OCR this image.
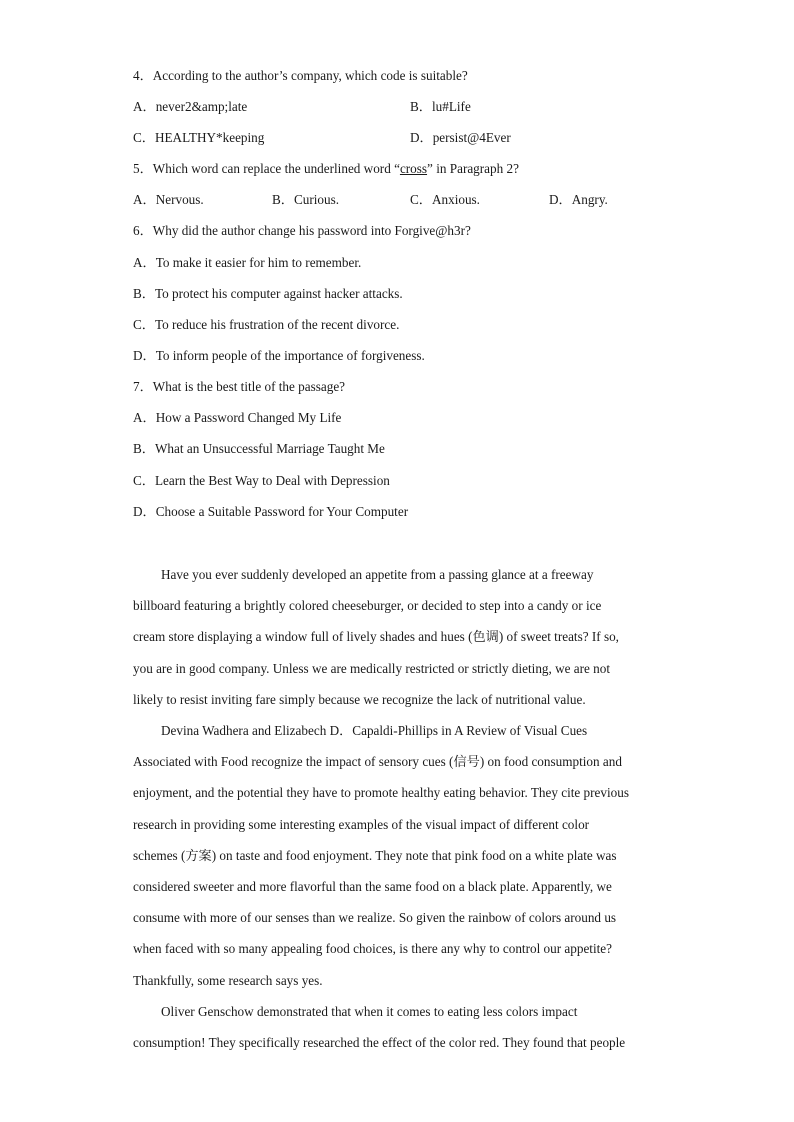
4．According to the author’s company, which code is suitable?
A．never2&amp;late	B．lu#Life
C．HEALTHY*keeping	D．persist@4Ever
5．Which word can replace the underlined word “cross” in Paragraph 2?
A．Nervous.	B．Curious.	C．Anxious.	D．Angry.
6．Why did the author change his password into Forgive@h3r?
A．To make it easier for him to remember.
B．To protect his computer against hacker attacks.
C．To reduce his frustration of the recent divorce.
D．To inform people of the importance of forgiveness.
7．What is the best title of the passage?
A．How a Password Changed My Life
B．What an Unsuccessful Marriage Taught Me
C．Learn the Best Way to Deal with Depression
D．Choose a Suitable Password for Your Computer
Have you ever suddenly developed an appetite from a passing glance at a freeway
billboard featuring a brightly colored cheeseburger, or decided to step into a candy or ice
cream store displaying a window full of lively shades and hues (色调) of sweet treats? If so,
you are in good company. Unless we are medically restricted or strictly dieting, we are not
likely to resist inviting fare simply because we recognize the lack of nutritional value.
Devina Wadhera and Elizabech D．Capaldi-Phillips in A Review of Visual Cues
Associated with Food recognize the impact of sensory cues (信号) on food consumption and
enjoyment, and the potential they have to promote healthy eating behavior. They cite previous
research in providing some interesting examples of the visual impact of different color
schemes (方案) on taste and food enjoyment. They note that pink food on a white plate was
considered sweeter and more flavorful than the same food on a black plate. Apparently, we
consume with more of our senses than we realize. So given the rainbow of colors around us
when faced with so many appealing food choices, is there any why to control our appetite?
Thankfully, some research says yes.
Oliver Genschow demonstrated that when it comes to eating less colors impact
consumption! They specifically researched the effect of the color red. They found that people
